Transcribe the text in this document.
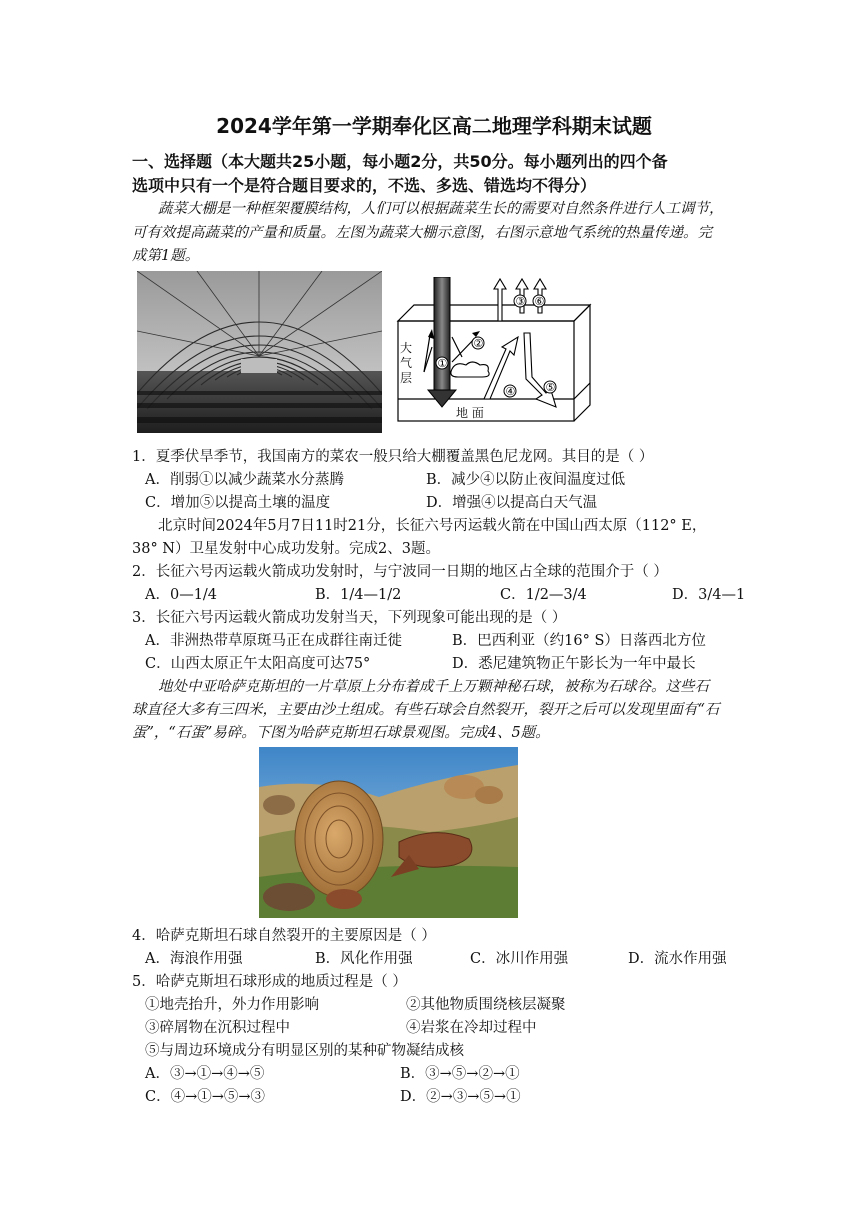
2024学年第一学期奉化区高二地理学科期末试题
一、选择题（本大题共25小题，每小题2分，共50分。每小题列出的四个备
选项中只有一个是符合题目要求的，不选、多选、错选均不得分）
蔬菜大棚是一种框架覆膜结构，人们可以根据蔬菜生长的需要对自然条件进行人工调节，
可有效提高蔬菜的产量和质量。左图为蔬菜大棚示意图，右图示意地气系统的热量传递。完
成第1题。
①
②
③
④	⑤
⑥
大气层
地 面
1．夏季伏旱季节，我国南方的菜农一般只给大棚覆盖黑色尼龙网。其目的是（ ）
A．削弱①以减少蔬菜水分蒸腾	B．减少④以防止夜间温度过低
C．增加⑤以提高土壤的温度	D．增强④以提高白天气温
北京时间2024年5月7日11时21分，长征六号丙运载火箭在中国山西太原（112° E，
38° N）卫星发射中心成功发射。完成2、3题。
2．长征六号丙运载火箭成功发射时，与宁波同一日期的地区占全球的范围介于（ ）
A．0—1/4	B．1/4—1/2	C．1/2—3/4	D．3/4—1
3．长征六号丙运载火箭成功发射当天，下列现象可能出现的是（ ）
A．非洲热带草原斑马正在成群往南迁徙	B．巴西利亚（约16° S）日落西北方位
C．山西太原正午太阳高度可达75°	D．悉尼建筑物正午影长为一年中最长
地处中亚哈萨克斯坦的一片草原上分布着成千上万颗神秘石球，被称为石球谷。这些石
球直径大多有三四米，主要由沙土组成。有些石球会自然裂开，裂开之后可以发现里面有“石
蛋”，“石蛋”易碎。下图为哈萨克斯坦石球景观图。完成4、5题。
4．哈萨克斯坦石球自然裂开的主要原因是（ ）
A．海浪作用强	B．风化作用强	C．冰川作用强	D．流水作用强
5．哈萨克斯坦石球形成的地质过程是（ ）
①地壳抬升，外力作用影响	②其他物质围绕核层凝聚
③碎屑物在沉积过程中	④岩浆在冷却过程中
⑤与周边环境成分有明显区别的某种矿物凝结成核
A．③→①→④→⑤	B．③→⑤→②→①
C．④→①→⑤→③	D．②→③→⑤→①
